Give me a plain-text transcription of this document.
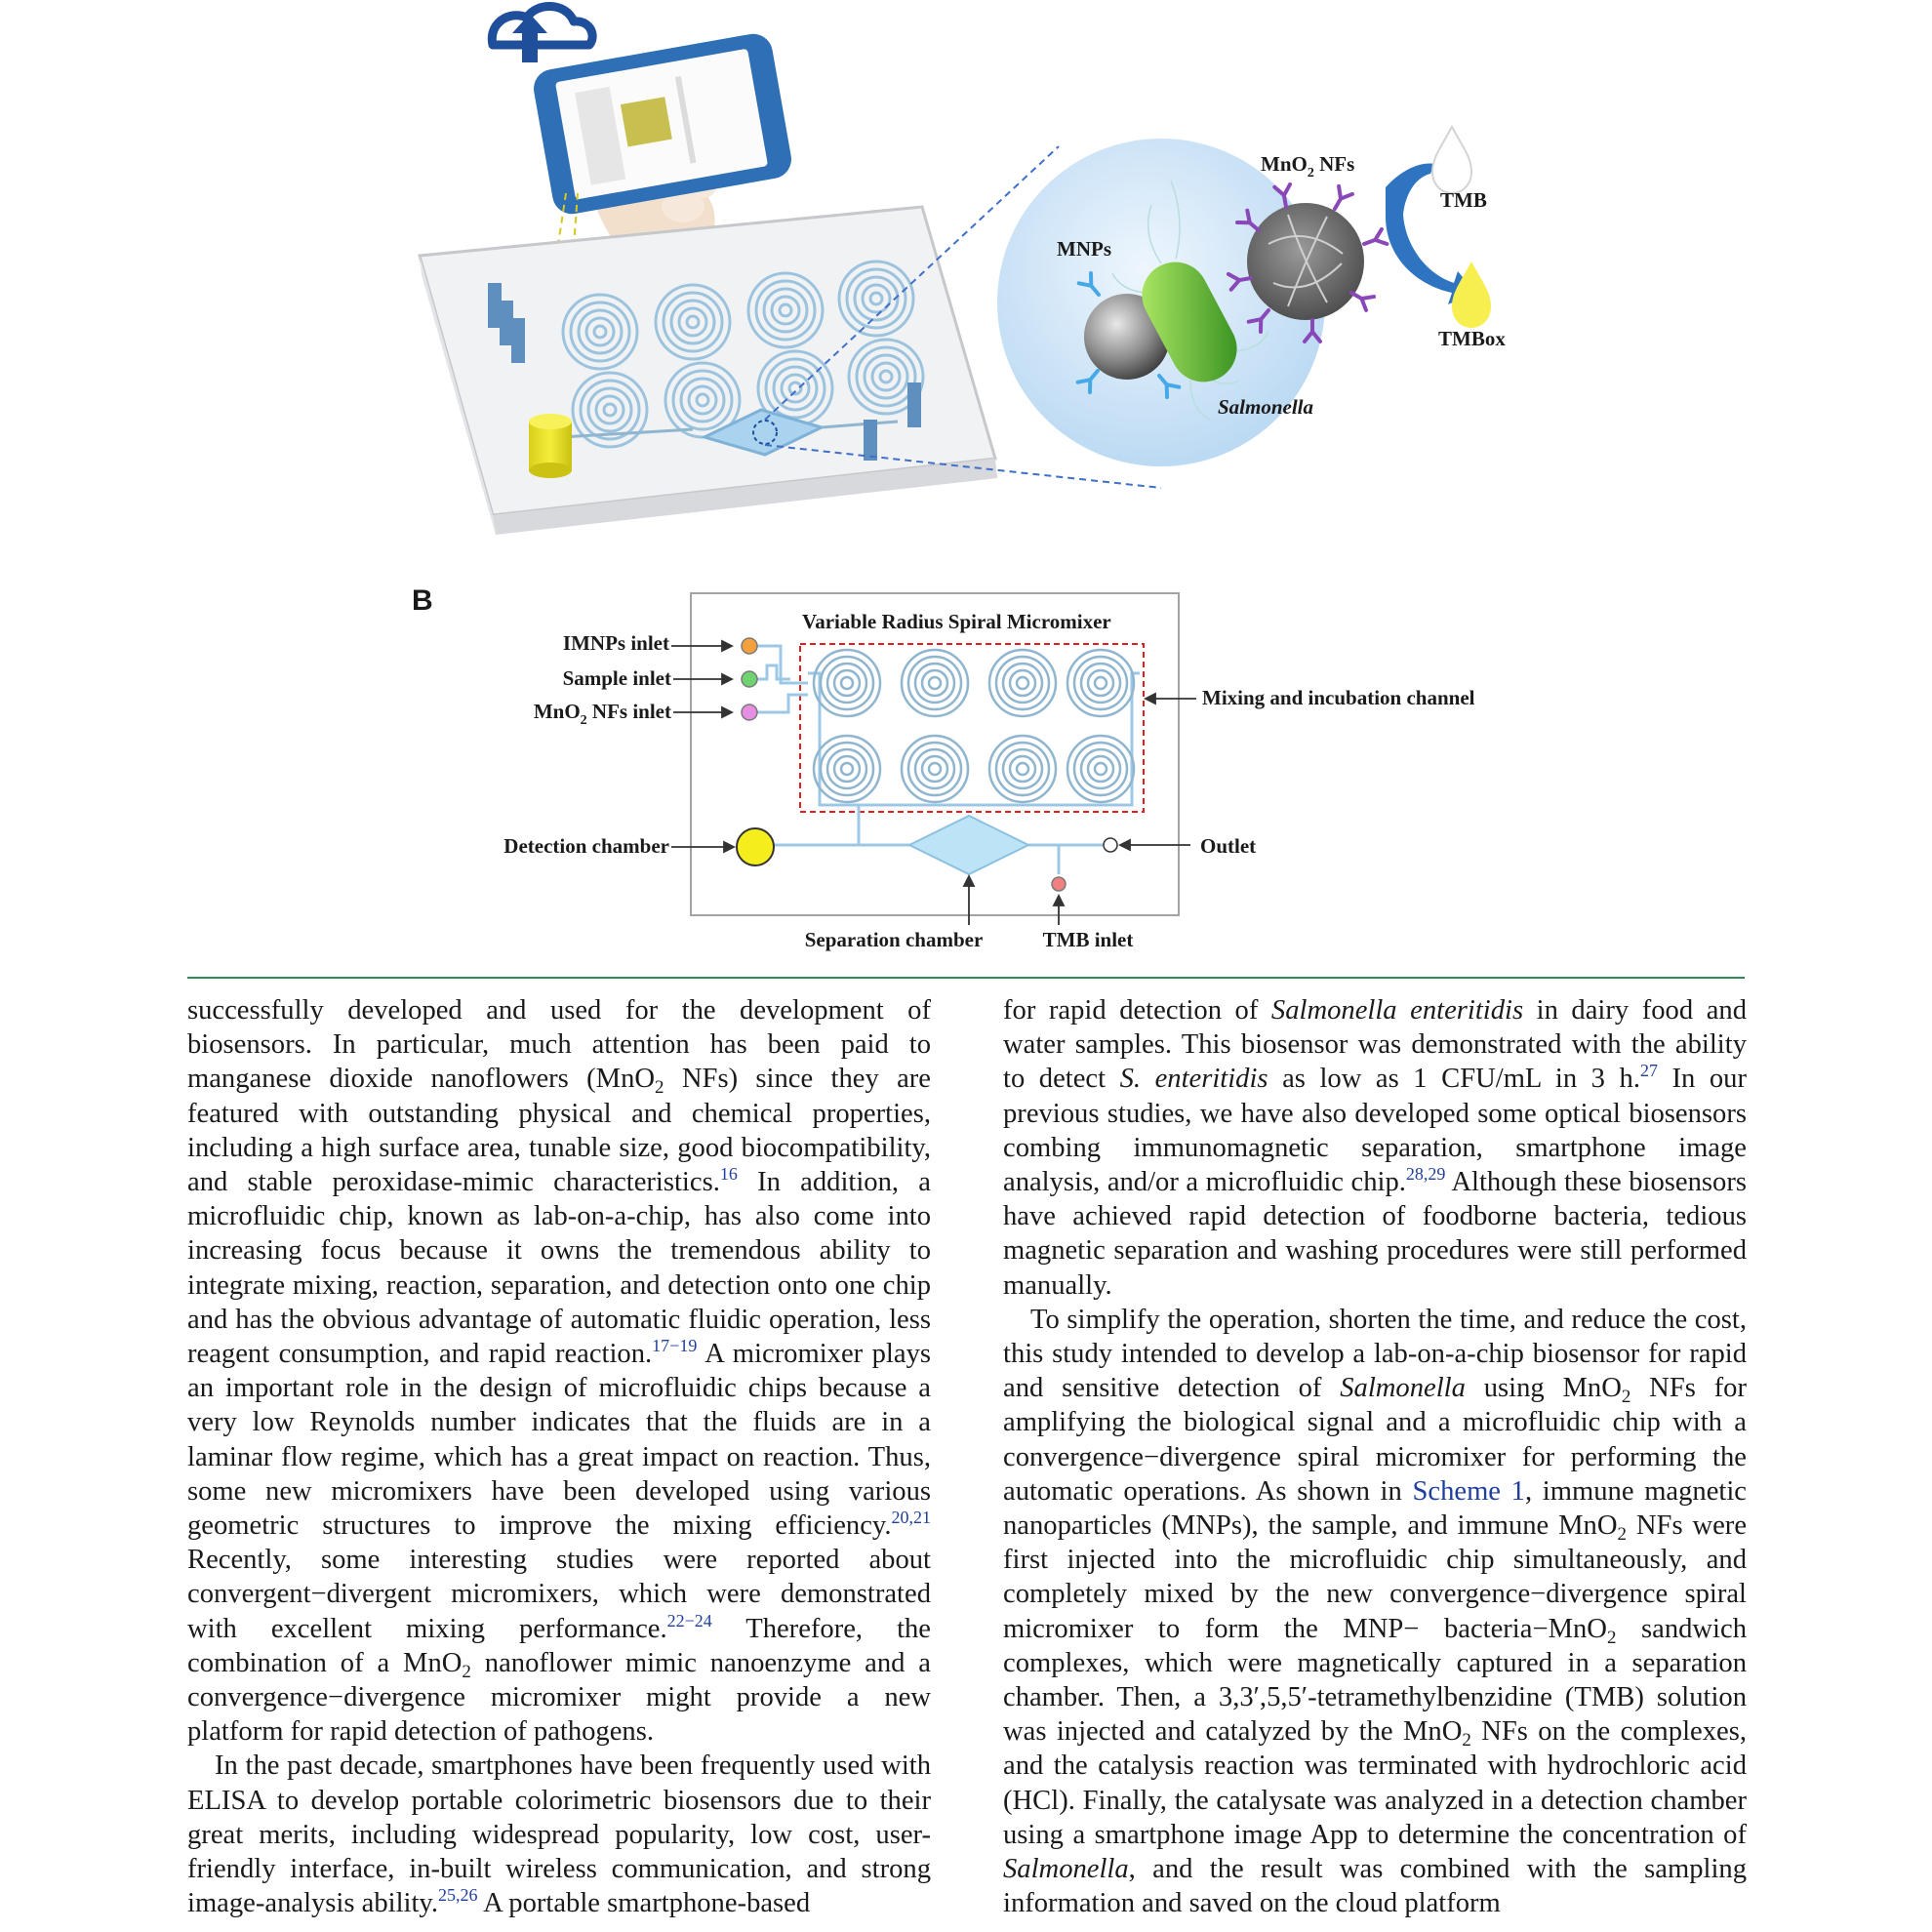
MNPs
MnO$_2$ NFs
TMB
TMBox
Salmonella
B
Variable Radius Spiral Micromixer
IMNPs inlet
Sample inlet
MnO$_2$ NFs inlet
Mixing and incubation channel
Detection chamber	Outlet
Separation chamber	TMB inlet

successfully developed and used for the development of biosensors. In particular, much attention has been paid to manganese dioxide nanoflowers (MnO$_2$ NFs) since they are featured with outstanding physical and chemical properties, including a high surface area, tunable size, good biocompatibility, and stable peroxidase-mimic characteristics.$^{16}$ In addition, a microfluidic chip, known as lab-on-a-chip, has also come into increasing focus because it owns the tremendous ability to integrate mixing, reaction, separation, and detection onto one chip and has the obvious advantage of automatic fluidic operation, less reagent consumption, and rapid reaction.$^{17-19}$ A micromixer plays an important role in the design of microfluidic chips because a very low Reynolds number indicates that the fluids are in a laminar flow regime, which has a great impact on reaction. Thus, some new micromixers have been developed using various geometric structures to improve the mixing efficiency.$^{20,21}$ Recently, some interesting studies were reported about convergent−divergent micromixers, which were demonstrated with excellent mixing performance.$^{22-24}$ Therefore, the combination of a MnO$_2$ nanoflower mimic nanoenzyme and a convergence−divergence micromixer might provide a new platform for rapid detection of pathogens.

In the past decade, smartphones have been frequently used with ELISA to develop portable colorimetric biosensors due to their great merits, including widespread popularity, low cost, user-friendly interface, in-built wireless communication, and strong image-analysis ability.$^{25,26}$ A portable smartphone-based

for rapid detection of Salmonella enteritidis in dairy food and water samples. This biosensor was demonstrated with the ability to detect S. enteritidis as low as 1 CFU/mL in 3 h.$^{27}$ In our previous studies, we have also developed some optical biosensors combing immunomagnetic separation, smartphone image analysis, and/or a microfluidic chip.$^{28,29}$ Although these biosensors have achieved rapid detection of foodborne bacteria, tedious magnetic separation and washing procedures were still performed manually.

To simplify the operation, shorten the time, and reduce the cost, this study intended to develop a lab-on-a-chip biosensor for rapid and sensitive detection of Salmonella using MnO$_2$ NFs for amplifying the biological signal and a microfluidic chip with a convergence−divergence spiral micromixer for performing the automatic operations. As shown in Scheme 1, immune magnetic nanoparticles (MNPs), the sample, and immune MnO$_2$ NFs were first injected into the microfluidic chip simultaneously, and completely mixed by the new convergence−divergence spiral micromixer to form the MNP− bacteria−MnO$_2$ sandwich complexes, which were magnetically captured in a separation chamber. Then, a 3,3′,5,5′-tetramethylbenzidine (TMB) solution was injected and catalyzed by the MnO$_2$ NFs on the complexes, and the catalysis reaction was terminated with hydrochloric acid (HCl). Finally, the catalysate was analyzed in a detection chamber using a smartphone image App to determine the concentration of Salmonella, and the result was combined with the sampling information and saved on the cloud platform
